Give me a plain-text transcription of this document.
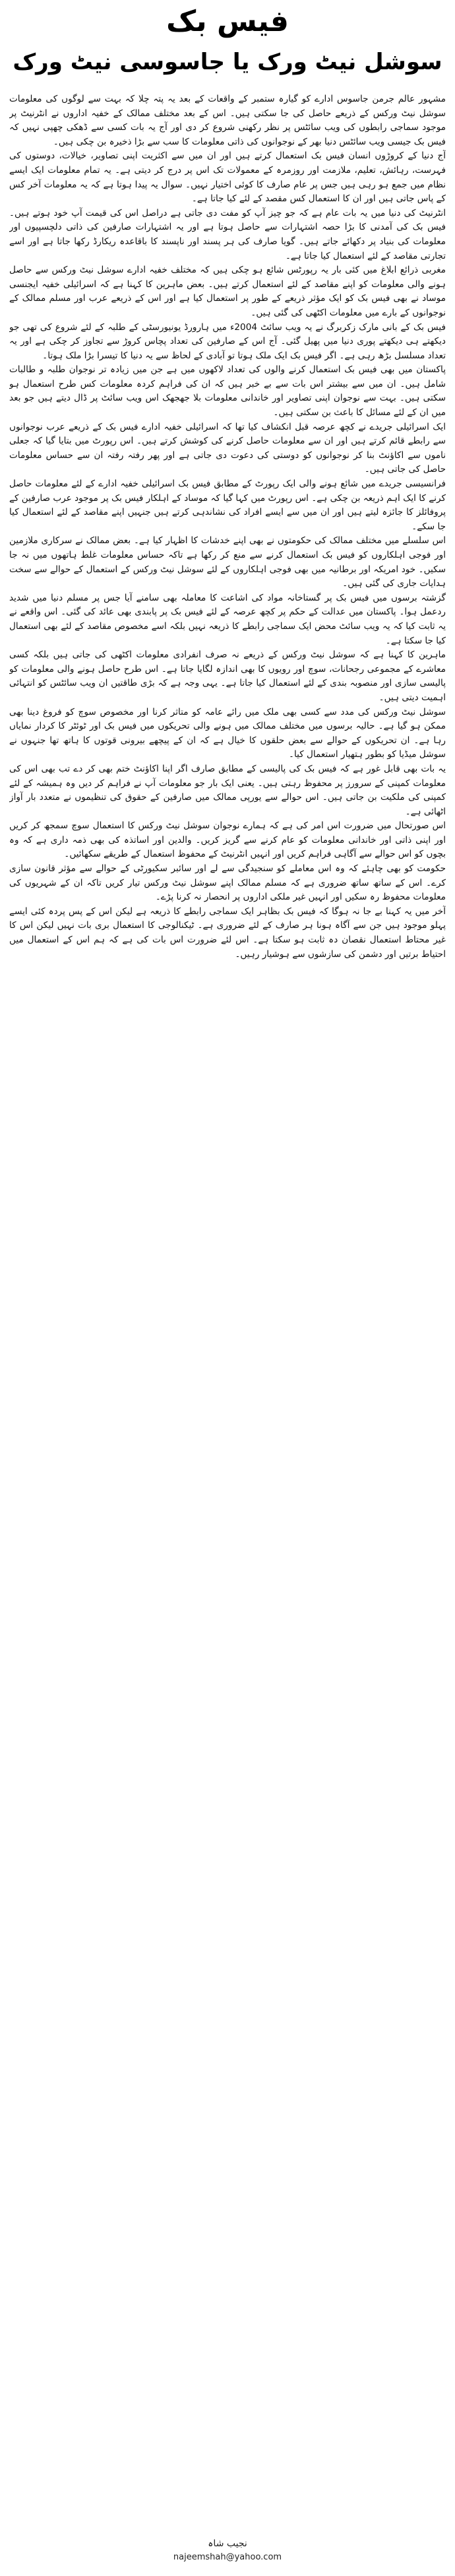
فیس بک
سوشل نیٹ ورک یا جاسوسی نیٹ ورک

مشہور عالم جرمن جاسوس ادارے کو گیارہ ستمبر کے واقعات کے بعد یہ پتہ چلا کہ بہت سے لوگوں کی معلومات سوشل نیٹ ورکس کے ذریعے حاصل کی جا سکتی ہیں۔ اس کے بعد مختلف ممالک کے خفیہ اداروں نے انٹرنیٹ پر موجود سماجی رابطوں کی ویب سائٹس پر نظر رکھنی شروع کر دی اور آج یہ بات کسی سے ڈھکی چھپی نہیں کہ فیس بک جیسی ویب سائٹس دنیا بھر کے نوجوانوں کی ذاتی معلومات کا سب سے بڑا ذخیرہ بن چکی ہیں۔

آج دنیا کے کروڑوں انسان فیس بک استعمال کرتے ہیں اور ان میں سے اکثریت اپنی تصاویر، خیالات، دوستوں کی فہرست، رہائش، تعلیم، ملازمت اور روزمرہ کے معمولات تک اس پر درج کر دیتی ہے۔ یہ تمام معلومات ایک ایسے نظام میں جمع ہو رہی ہیں جس پر عام صارف کا کوئی اختیار نہیں۔ سوال یہ پیدا ہوتا ہے کہ یہ معلومات آخر کس کے پاس جاتی ہیں اور ان کا استعمال کس مقصد کے لئے کیا جاتا ہے۔

انٹرنیٹ کی دنیا میں یہ بات عام ہے کہ جو چیز آپ کو مفت دی جاتی ہے دراصل اس کی قیمت آپ خود ہوتے ہیں۔ فیس بک کی آمدنی کا بڑا حصہ اشتہارات سے حاصل ہوتا ہے اور یہ اشتہارات صارفین کی ذاتی دلچسپیوں اور معلومات کی بنیاد پر دکھائے جاتے ہیں۔ گویا صارف کی ہر پسند اور ناپسند کا باقاعدہ ریکارڈ رکھا جاتا ہے اور اسے تجارتی مقاصد کے لئے استعمال کیا جاتا ہے۔

مغربی ذرائع ابلاغ میں کئی بار یہ رپورٹس شائع ہو چکی ہیں کہ مختلف خفیہ ادارے سوشل نیٹ ورکس سے حاصل ہونے والی معلومات کو اپنے مقاصد کے لئے استعمال کرتے ہیں۔ بعض ماہرین کا کہنا ہے کہ اسرائیلی خفیہ ایجنسی موساد نے بھی فیس بک کو ایک مؤثر ذریعے کے طور پر استعمال کیا ہے اور اس کے ذریعے عرب اور مسلم ممالک کے نوجوانوں کے بارے میں معلومات اکٹھی کی گئی ہیں۔

فیس بک کے بانی مارک زکربرگ نے یہ ویب سائٹ 2004ء میں ہارورڈ یونیورسٹی کے طلبہ کے لئے شروع کی تھی جو دیکھتے ہی دیکھتے پوری دنیا میں پھیل گئی۔ آج اس کے صارفین کی تعداد پچاس کروڑ سے تجاوز کر چکی ہے اور یہ تعداد مسلسل بڑھ رہی ہے۔ اگر فیس بک ایک ملک ہوتا تو آبادی کے لحاظ سے یہ دنیا کا تیسرا بڑا ملک ہوتا۔

پاکستان میں بھی فیس بک استعمال کرنے والوں کی تعداد لاکھوں میں ہے جن میں زیادہ تر نوجوان طلبہ و طالبات شامل ہیں۔ ان میں سے بیشتر اس بات سے بے خبر ہیں کہ ان کی فراہم کردہ معلومات کس طرح استعمال ہو سکتی ہیں۔ بہت سے نوجوان اپنی تصاویر اور خاندانی معلومات بلا جھجھک اس ویب سائٹ پر ڈال دیتے ہیں جو بعد میں ان کے لئے مسائل کا باعث بن سکتی ہیں۔

ایک اسرائیلی جریدے نے کچھ عرصہ قبل انکشاف کیا تھا کہ اسرائیلی خفیہ ادارے فیس بک کے ذریعے عرب نوجوانوں سے رابطے قائم کرتے ہیں اور ان سے معلومات حاصل کرنے کی کوشش کرتے ہیں۔ اس رپورٹ میں بتایا گیا کہ جعلی ناموں سے اکاؤنٹ بنا کر نوجوانوں کو دوستی کی دعوت دی جاتی ہے اور پھر رفتہ رفتہ ان سے حساس معلومات حاصل کی جاتی ہیں۔

فرانسیسی جریدے میں شائع ہونے والی ایک رپورٹ کے مطابق فیس بک اسرائیلی خفیہ ادارے کے لئے معلومات حاصل کرنے کا ایک اہم ذریعہ بن چکی ہے۔ اس رپورٹ میں کہا گیا کہ موساد کے اہلکار فیس بک پر موجود عرب صارفین کے پروفائلز کا جائزہ لیتے ہیں اور ان میں سے ایسے افراد کی نشاندہی کرتے ہیں جنہیں اپنے مقاصد کے لئے استعمال کیا جا سکے۔

اس سلسلے میں مختلف ممالک کی حکومتوں نے بھی اپنے خدشات کا اظہار کیا ہے۔ بعض ممالک نے سرکاری ملازمین اور فوجی اہلکاروں کو فیس بک استعمال کرنے سے منع کر رکھا ہے تاکہ حساس معلومات غلط ہاتھوں میں نہ جا سکیں۔ خود امریکہ اور برطانیہ میں بھی فوجی اہلکاروں کے لئے سوشل نیٹ ورکس کے استعمال کے حوالے سے سخت ہدایات جاری کی گئی ہیں۔

گزشتہ برسوں میں فیس بک پر گستاخانہ مواد کی اشاعت کا معاملہ بھی سامنے آیا جس پر مسلم دنیا میں شدید ردعمل ہوا۔ پاکستان میں عدالت کے حکم پر کچھ عرصہ کے لئے فیس بک پر پابندی بھی عائد کی گئی۔ اس واقعے نے یہ ثابت کیا کہ یہ ویب سائٹ محض ایک سماجی رابطے کا ذریعہ نہیں بلکہ اسے مخصوص مقاصد کے لئے بھی استعمال کیا جا سکتا ہے۔

ماہرین کا کہنا ہے کہ سوشل نیٹ ورکس کے ذریعے نہ صرف انفرادی معلومات اکٹھی کی جاتی ہیں بلکہ کسی معاشرے کے مجموعی رجحانات، سوچ اور رویوں کا بھی اندازہ لگایا جاتا ہے۔ اس طرح حاصل ہونے والی معلومات کو پالیسی سازی اور منصوبہ بندی کے لئے استعمال کیا جاتا ہے۔ یہی وجہ ہے کہ بڑی طاقتیں ان ویب سائٹس کو انتہائی اہمیت دیتی ہیں۔

سوشل نیٹ ورکس کی مدد سے کسی بھی ملک میں رائے عامہ کو متاثر کرنا اور مخصوص سوچ کو فروغ دینا بھی ممکن ہو گیا ہے۔ حالیہ برسوں میں مختلف ممالک میں ہونے والی تحریکوں میں فیس بک اور ٹوئٹر کا کردار نمایاں رہا ہے۔ ان تحریکوں کے حوالے سے بعض حلقوں کا خیال ہے کہ ان کے پیچھے بیرونی قوتوں کا ہاتھ تھا جنہوں نے سوشل میڈیا کو بطور ہتھیار استعمال کیا۔

یہ بات بھی قابل غور ہے کہ فیس بک کی پالیسی کے مطابق صارف اگر اپنا اکاؤنٹ ختم بھی کر دے تب بھی اس کی معلومات کمپنی کے سرورز پر محفوظ رہتی ہیں۔ یعنی ایک بار جو معلومات آپ نے فراہم کر دیں وہ ہمیشہ کے لئے کمپنی کی ملکیت بن جاتی ہیں۔ اس حوالے سے یورپی ممالک میں صارفین کے حقوق کی تنظیموں نے متعدد بار آواز اٹھائی ہے۔

اس صورتحال میں ضرورت اس امر کی ہے کہ ہمارے نوجوان سوشل نیٹ ورکس کا استعمال سوچ سمجھ کر کریں اور اپنی ذاتی اور خاندانی معلومات کو عام کرنے سے گریز کریں۔ والدین اور اساتذہ کی بھی ذمہ داری ہے کہ وہ بچوں کو اس حوالے سے آگاہی فراہم کریں اور انہیں انٹرنیٹ کے محفوظ استعمال کے طریقے سکھائیں۔

حکومت کو بھی چاہئے کہ وہ اس معاملے کو سنجیدگی سے لے اور سائبر سکیورٹی کے حوالے سے مؤثر قانون سازی کرے۔ اس کے ساتھ ساتھ ضروری ہے کہ مسلم ممالک اپنے سوشل نیٹ ورکس تیار کریں تاکہ ان کے شہریوں کی معلومات محفوظ رہ سکیں اور انہیں غیر ملکی اداروں پر انحصار نہ کرنا پڑے۔

آخر میں یہ کہنا بے جا نہ ہوگا کہ فیس بک بظاہر ایک سماجی رابطے کا ذریعہ ہے لیکن اس کے پس پردہ کئی ایسے پہلو موجود ہیں جن سے آگاہ ہونا ہر صارف کے لئے ضروری ہے۔ ٹیکنالوجی کا استعمال بری بات نہیں لیکن اس کا غیر محتاط استعمال نقصان دہ ثابت ہو سکتا ہے۔ اس لئے ضرورت اس بات کی ہے کہ ہم اس کے استعمال میں احتیاط برتیں اور دشمن کی سازشوں سے ہوشیار رہیں۔

نجیب شاہ
najeemshah@yahoo.com
